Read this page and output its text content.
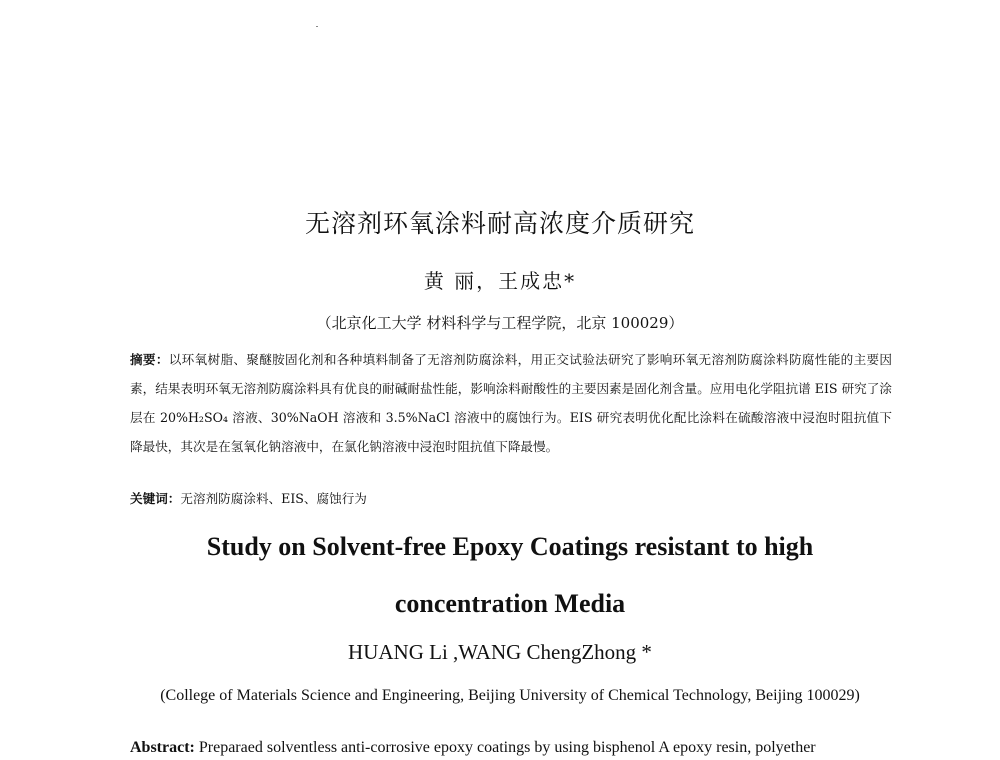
无溶剂环氧涂料耐高浓度介质研究
黄 丽，王成忠*
（北京化工大学 材料科学与工程学院，北京 100029）
摘要：以环氧树脂、聚醚胺固化剂和各种填料制备了无溶剂防腐涂料，用正交试验法研究了影响环氧无溶剂防腐涂料防腐性能的主要因素，结果表明环氧无溶剂防腐涂料具有优良的耐碱耐盐性能，影响涂料耐酸性的主要因素是固化剂含量。应用电化学阻抗谱 EIS 研究了涂层在 20%H₂SO₄ 溶液、30%NaOH 溶液和 3.5%NaCl 溶液中的腐蚀行为。EIS 研究表明优化配比涂料在硫酸溶液中浸泡时阻抗值下降最快，其次是在氢氧化钠溶液中，在氯化钠溶液中浸泡时阻抗值下降最慢。
关键词：无溶剂防腐涂料、EIS、腐蚀行为
Study on Solvent-free Epoxy Coatings resistant to high concentration Media
HUANG Li ,WANG ChengZhong *
(College of Materials Science and Engineering, Beijing University of Chemical Technology, Beijing 100029)
Abstract: Preparaed solventless anti-corrosive epoxy coatings by using bisphenol A epoxy resin, polyether
